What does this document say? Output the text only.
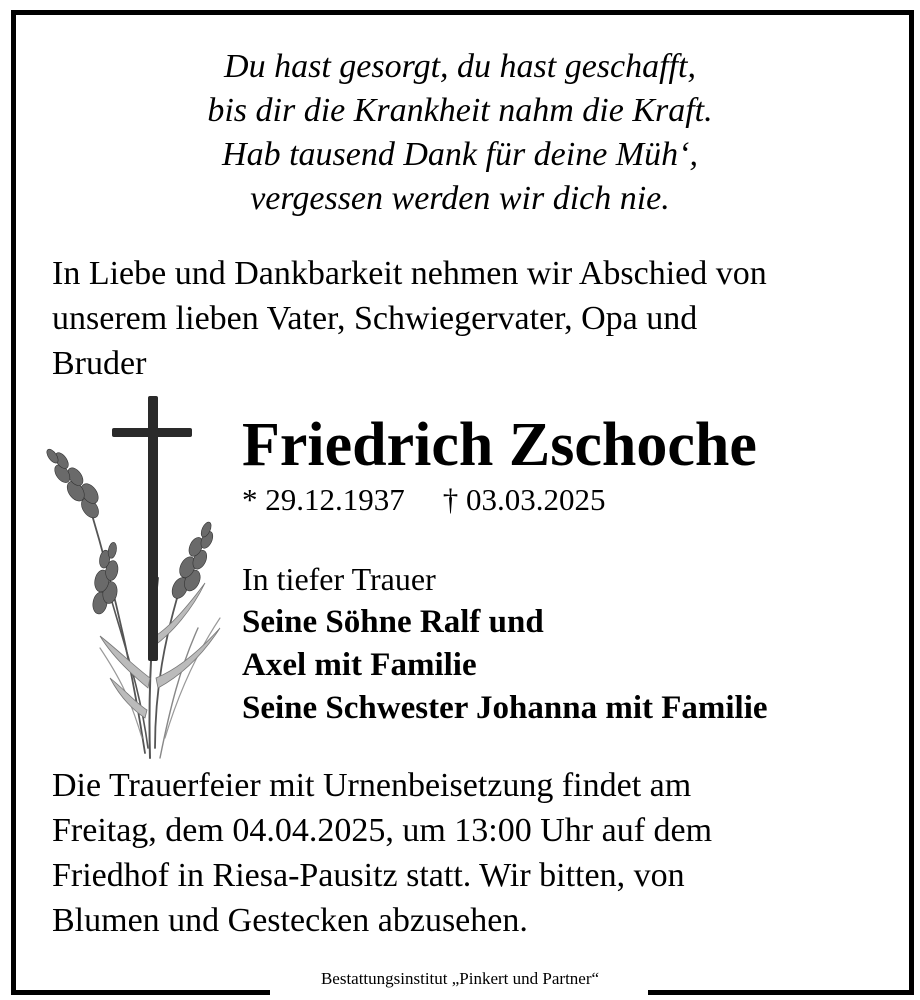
Du hast gesorgt, du hast geschafft,
bis dir die Krankheit nahm die Kraft.
Hab tausend Dank für deine Müh‘,
vergessen werden wir dich nie.
In Liebe und Dankbarkeit nehmen wir Abschied von
unserem lieben Vater, Schwiegervater, Opa und
Bruder
Friedrich Zschoche
* 29.12.1937 † 03.03.2025
In tiefer Trauer
Seine Söhne Ralf und
Axel mit Familie
Seine Schwester Johanna mit Familie
Die Trauerfeier mit Urnenbeisetzung findet am
Freitag, dem 04.04.2025, um 13:00 Uhr auf dem
Friedhof in Riesa-Pausitz statt. Wir bitten, von
Blumen und Gestecken abzusehen.
Bestattungsinstitut „Pinkert und Partner“
